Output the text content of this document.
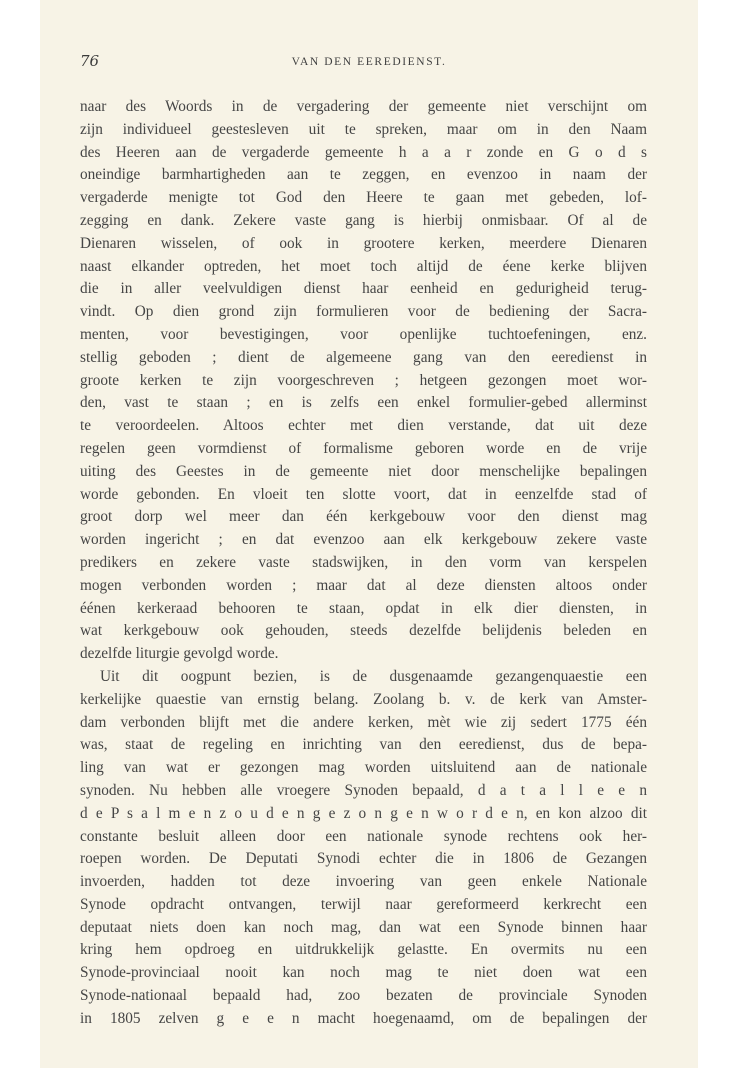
76	VAN DEN EEREDIENST.
naar des Woords in de vergadering der gemeente niet verschijnt om
zijn individueel geestesleven uit te spreken, maar om in den Naam
des Heeren aan de vergaderde gemeente h a a r zonde en G o d s
oneindige barmhartigheden aan te zeggen, en evenzoo in naam der
vergaderde menigte tot God den Heere te gaan met gebeden, lof-
zegging en dank. Zekere vaste gang is hierbij onmisbaar. Of al de
Dienaren wisselen, of ook in grootere kerken, meerdere Dienaren
naast elkander optreden, het moet toch altijd de éene kerke blijven
die in aller veelvuldigen dienst haar eenheid en gedurigheid terug-
vindt. Op dien grond zijn formulieren voor de bediening der Sacra-
menten, voor bevestigingen, voor openlijke tuchtoefeningen, enz.
stellig geboden ; dient de algemeene gang van den eeredienst in
groote kerken te zijn voorgeschreven ; hetgeen gezongen moet wor-
den, vast te staan ; en is zelfs een enkel formulier-gebed allerminst
te veroordeelen. Altoos echter met dien verstande, dat uit deze
regelen geen vormdienst of formalisme geboren worde en de vrije
uiting des Geestes in de gemeente niet door menschelijke bepalingen
worde gebonden. En vloeit ten slotte voort, dat in eenzelfde stad of
groot dorp wel meer dan één kerkgebouw voor den dienst mag
worden ingericht ; en dat evenzoo aan elk kerkgebouw zekere vaste
predikers en zekere vaste stadswijken, in den vorm van kerspelen
mogen verbonden worden ; maar dat al deze diensten altoos onder
éénen kerkeraad behooren te staan, opdat in elk dier diensten, in
wat kerkgebouw ook gehouden, steeds dezelfde belijdenis beleden en
dezelfde liturgie gevolgd worde.
Uit dit oogpunt bezien, is de dusgenaamde gezangenquaestie een
kerkelijke quaestie van ernstig belang. Zoolang b. v. de kerk van Amster-
dam verbonden blijft met die andere kerken, mèt wie zij sedert 1775 één
was, staat de regeling en inrichting van den eeredienst, dus de bepa-
ling van wat er gezongen mag worden uitsluitend aan de nationale
synoden. Nu hebben alle vroegere Synoden bepaald, d a t a l l e e n
d e P s a l m e n z o u d e n g e z o n g e n w o r d e n, en kon alzoo dit
constante besluit alleen door een nationale synode rechtens ook her-
roepen worden. De Deputati Synodi echter die in 1806 de Gezangen
invoerden, hadden tot deze invoering van geen enkele Nationale
Synode opdracht ontvangen, terwijl naar gereformeerd kerkrecht een
deputaat niets doen kan noch mag, dan wat een Synode binnen haar
kring hem opdroeg en uitdrukkelijk gelastte. En overmits nu een
Synode-provinciaal nooit kan noch mag te niet doen wat een
Synode-nationaal bepaald had, zoo bezaten de provinciale Synoden
in 1805 zelven g e e n macht hoegenaamd, om de bepalingen der
